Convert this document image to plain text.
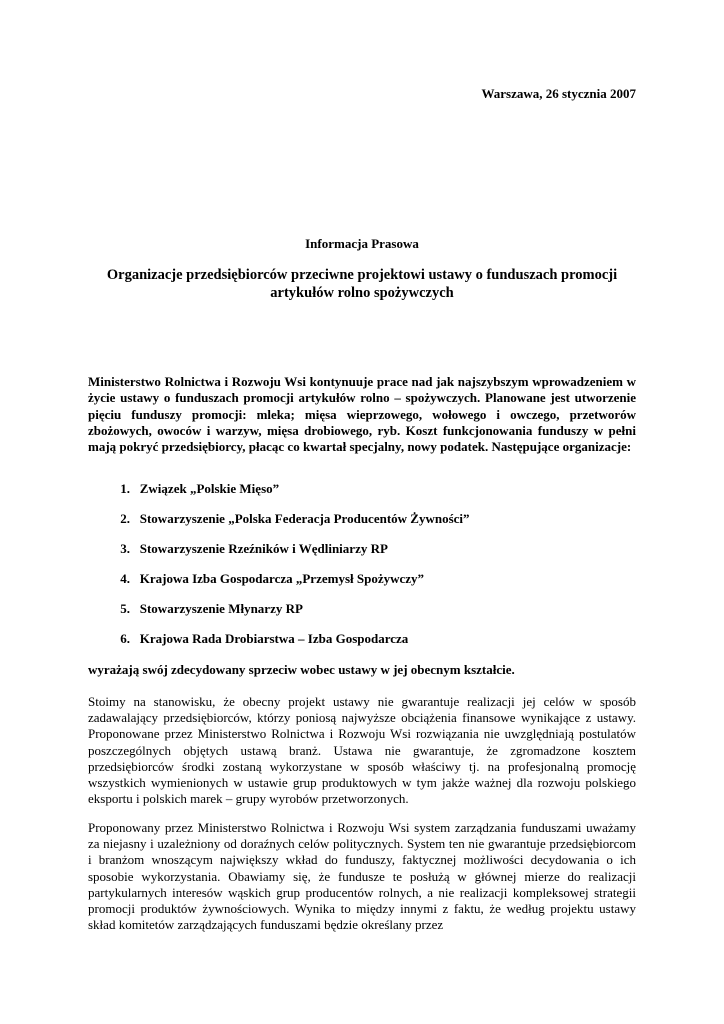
Warszawa, 26 stycznia 2007
Informacja Prasowa
Organizacje przedsiębiorców przeciwne projektowi ustawy o funduszach promocji artykułów rolno spożywczych

Ministerstwo Rolnictwa i Rozwoju Wsi kontynuuje prace nad jak najszybszym wprowadzeniem w życie ustawy o funduszach promocji artykułów rolno – spożywczych. Planowane jest utworzenie pięciu funduszy promocji: mleka; mięsa wieprzowego, wołowego i owczego, przetworów zbożowych, owoców i warzyw, mięsa drobiowego, ryb. Koszt funkcjonowania funduszy w pełni mają pokryć przedsiębiorcy, płacąc co kwartał specjalny, nowy podatek. Następujące organizacje:

1. Związek „Polskie Mięso”
2. Stowarzyszenie „Polska Federacja Producentów Żywności”
3. Stowarzyszenie Rzeźników i Wędliniarzy RP
4. Krajowa Izba Gospodarcza „Przemysł Spożywczy”
5. Stowarzyszenie Młynarzy RP
6. Krajowa Rada Drobiarstwa – Izba Gospodarcza

wyrażają swój zdecydowany sprzeciw wobec ustawy w jej obecnym kształcie.

Stoimy na stanowisku, że obecny projekt ustawy nie gwarantuje realizacji jej celów w sposób zadawalający przedsiębiorców, którzy poniosą najwyższe obciążenia finansowe wynikające z ustawy. Proponowane przez Ministerstwo Rolnictwa i Rozwoju Wsi rozwiązania nie uwzględniają postulatów poszczególnych objętych ustawą branż. Ustawa nie gwarantuje, że zgromadzone kosztem przedsiębiorców środki zostaną wykorzystane w sposób właściwy tj. na profesjonalną promocję wszystkich wymienionych w ustawie grup produktowych w tym jakże ważnej dla rozwoju polskiego eksportu i polskich marek – grupy wyrobów przetworzonych.

Proponowany przez Ministerstwo Rolnictwa i Rozwoju Wsi system zarządzania funduszami uważamy za niejasny i uzależniony od doraźnych celów politycznych. System ten nie gwarantuje przedsiębiorcom i branżom wnoszącym największy wkład do funduszy, faktycznej możliwości decydowania o ich sposobie wykorzystania. Obawiamy się, że fundusze te posłużą w głównej mierze do realizacji partykularnych interesów wąskich grup producentów rolnych, a nie realizacji kompleksowej strategii promocji produktów żywnościowych. Wynika to między innymi z faktu, że według projektu ustawy skład komitetów zarządzających funduszami będzie określany przez
